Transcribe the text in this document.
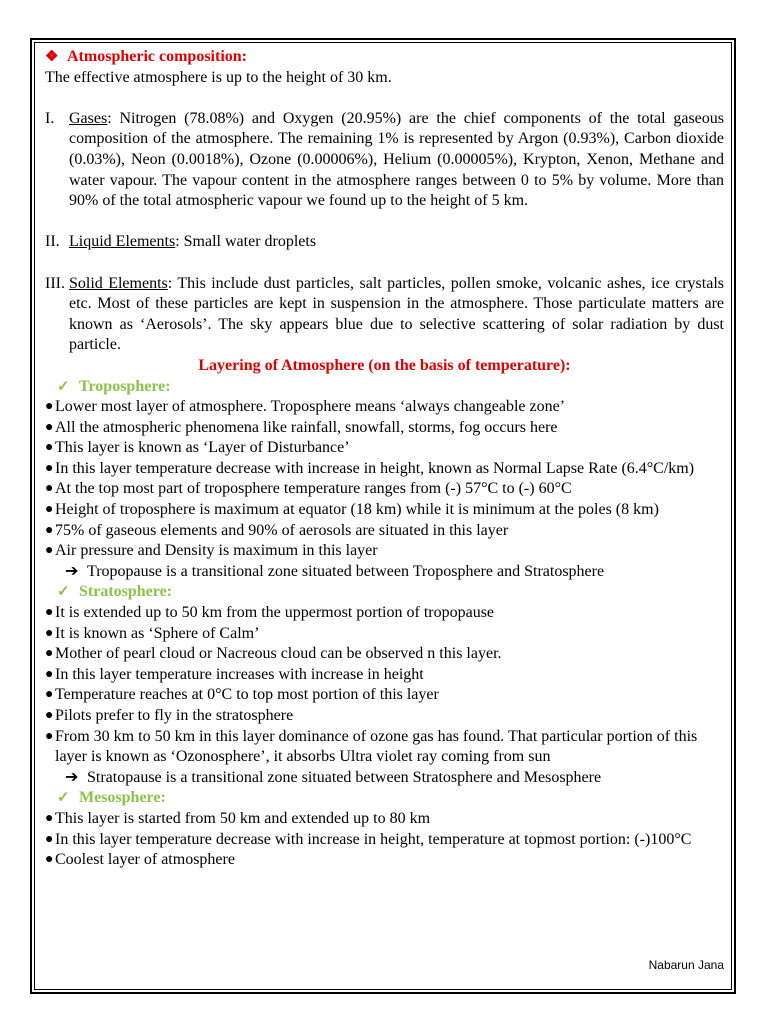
❖ Atmospheric composition:

The effective atmosphere is up to the height of 30 km.

I. Gases: Nitrogen (78.08%) and Oxygen (20.95%) are the chief components of the total gaseous composition of the atmosphere. The remaining 1% is represented by Argon (0.93%), Carbon dioxide (0.03%), Neon (0.0018%), Ozone (0.00006%), Helium (0.00005%), Krypton, Xenon, Methane and water vapour. The vapour content in the atmosphere ranges between 0 to 5% by volume. More than 90% of the total atmospheric vapour we found up to the height of 5 km.
II. Liquid Elements: Small water droplets
III. Solid Elements: This include dust particles, salt particles, pollen smoke, volcanic ashes, ice crystals etc. Most of these particles are kept in suspension in the atmosphere. Those particulate matters are known as ‘Aerosols’. The sky appears blue due to selective scattering of solar radiation by dust particle.
Layering of Atmosphere (on the basis of temperature):
✓ Troposphere:
● Lower most layer of atmosphere. Troposphere means ‘always changeable zone’
● All the atmospheric phenomena like rainfall, snowfall, storms, fog occurs here
● This layer is known as ‘Layer of Disturbance’
● In this layer temperature decrease with increase in height, known as Normal Lapse Rate (6.4°C/km)
● At the top most part of troposphere temperature ranges from (-) 57°C to (-) 60°C
● Height of troposphere is maximum at equator (18 km) while it is minimum at the poles (8 km)
● 75% of gaseous elements and 90% of aerosols are situated in this layer
● Air pressure and Density is maximum in this layer
➔ Tropopause is a transitional zone situated between Troposphere and Stratosphere
✓ Stratosphere:
● It is extended up to 50 km from the uppermost portion of tropopause
● It is known as ‘Sphere of Calm’
● Mother of pearl cloud or Nacreous cloud can be observed n this layer.
● In this layer temperature increases with increase in height
● Temperature reaches at 0°C to top most portion of this layer
● Pilots prefer to fly in the stratosphere
● From 30 km to 50 km in this layer dominance of ozone gas has found. That particular portion of this layer is known as ‘Ozonosphere’, it absorbs Ultra violet ray coming from sun
➔ Stratopause is a transitional zone situated between Stratosphere and Mesosphere
✓ Mesosphere:
● This layer is started from 50 km and extended up to 80 km
● In this layer temperature decrease with increase in height, temperature at topmost portion: (-)100°C
● Coolest layer of atmosphere
Nabarun Jana
